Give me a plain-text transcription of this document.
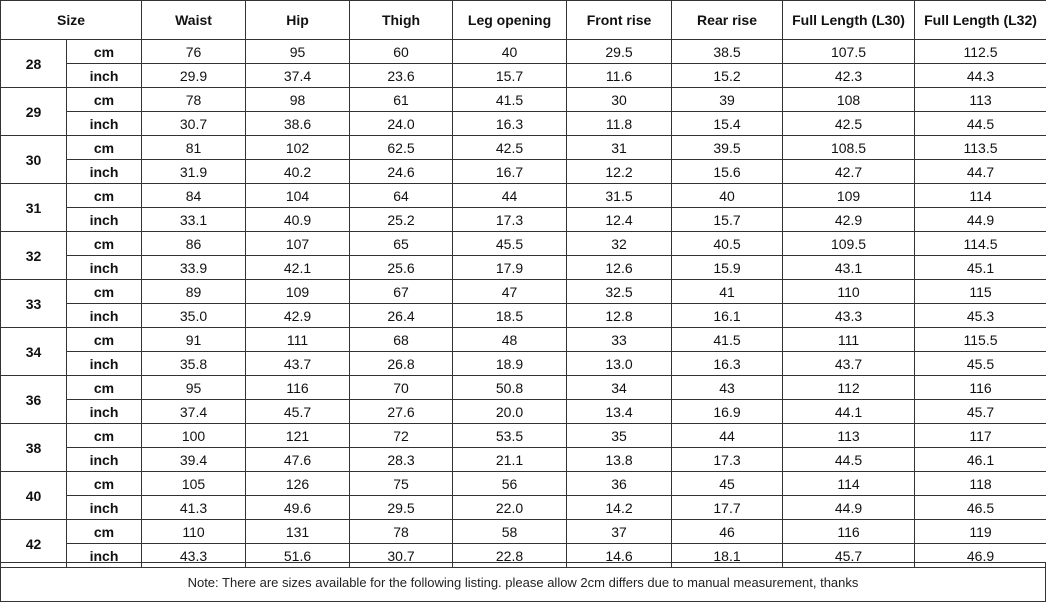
Size		Waist	Hip	Thigh	Leg opening	Front rise	Rear rise	Full Length (L30)	Full Length (L32)
28	cm	76	95	60	40	29.5	38.5	107.5	112.5
	inch	29.9	37.4	23.6	15.7	11.6	15.2	42.3	44.3
29	cm	78	98	61	41.5	30	39	108	113
	inch	30.7	38.6	24.0	16.3	11.8	15.4	42.5	44.5
30	cm	81	102	62.5	42.5	31	39.5	108.5	113.5
	inch	31.9	40.2	24.6	16.7	12.2	15.6	42.7	44.7
31	cm	84	104	64	44	31.5	40	109	114
	inch	33.1	40.9	25.2	17.3	12.4	15.7	42.9	44.9
32	cm	86	107	65	45.5	32	40.5	109.5	114.5
	inch	33.9	42.1	25.6	17.9	12.6	15.9	43.1	45.1
33	cm	89	109	67	47	32.5	41	110	115
	inch	35.0	42.9	26.4	18.5	12.8	16.1	43.3	45.3
34	cm	91	111	68	48	33	41.5	111	115.5
	inch	35.8	43.7	26.8	18.9	13.0	16.3	43.7	45.5
36	cm	95	116	70	50.8	34	43	112	116
	inch	37.4	45.7	27.6	20.0	13.4	16.9	44.1	45.7
38	cm	100	121	72	53.5	35	44	113	117
	inch	39.4	47.6	28.3	21.1	13.8	17.3	44.5	46.1
40	cm	105	126	75	56	36	45	114	118
	inch	41.3	49.6	29.5	22.0	14.2	17.7	44.9	46.5
42	cm	110	131	78	58	37	46	116	119
	inch	43.3	51.6	30.7	22.8	14.6	18.1	45.7	46.9
Note: There are sizes available for the following listing. please allow 2cm differs due to manual measurement, thanks
